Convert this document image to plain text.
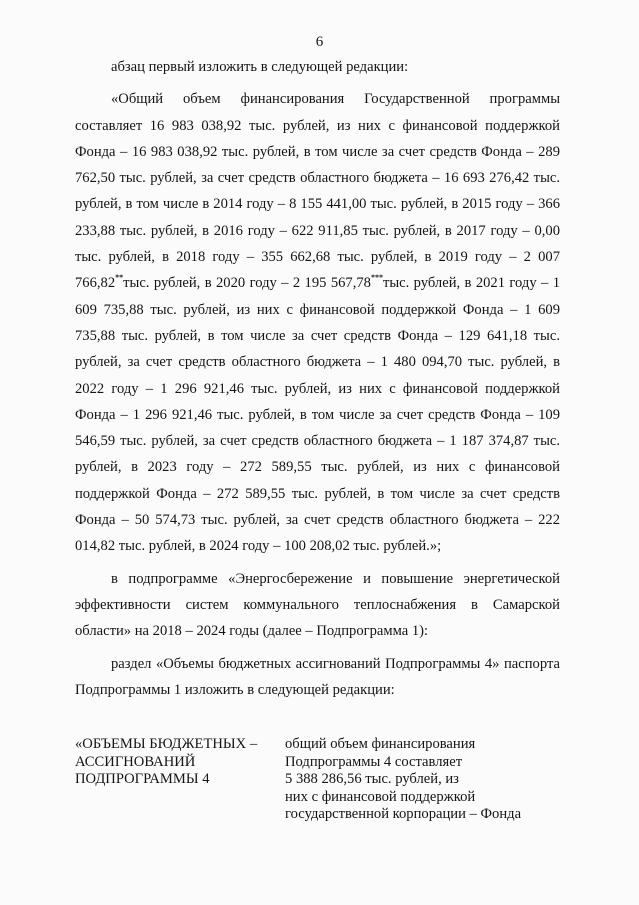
6

абзац первый изложить в следующей редакции:

«Общий объем финансирования Государственной программы составляет 16 983 038,92 тыс. рублей, из них с финансовой поддержкой Фонда – 16 983 038,92 тыс. рублей, в том числе за счет средств Фонда – 289 762,50 тыс. рублей, за счет средств областного бюджета – 16 693 276,42 тыс. рублей, в том числе в 2014 году – 8 155 441,00 тыс. рублей, в 2015 году – 366 233,88 тыс. рублей, в 2016 году – 622 911,85 тыс. рублей, в 2017 году – 0,00 тыс. рублей, в 2018 году – 355 662,68 тыс. рублей, в 2019 году – 2 007 766,82**тыс. рублей, в 2020 году – 2 195 567,78***тыс. рублей, в 2021 году – 1 609 735,88 тыс. рублей, из них с финансовой поддержкой Фонда – 1 609 735,88 тыс. рублей, в том числе за счет средств Фонда – 129 641,18 тыс. рублей, за счет средств областного бюджета – 1 480 094,70 тыс. рублей, в 2022 году – 1 296 921,46 тыс. рублей, из них с финансовой поддержкой Фонда – 1 296 921,46 тыс. рублей, в том числе за счет средств Фонда – 109 546,59 тыс. рублей, за счет средств областного бюджета – 1 187 374,87 тыс. рублей, в 2023 году – 272 589,55 тыс. рублей, из них с финансовой поддержкой Фонда – 272 589,55 тыс. рублей, в том числе за счет средств Фонда – 50 574,73 тыс. рублей, за счет средств областного бюджета – 222 014,82 тыс. рублей, в 2024 году – 100 208,02 тыс. рублей.»;

в подпрограмме «Энергосбережение и повышение энергетической эффективности систем коммунального теплоснабжения в Самарской области» на 2018 – 2024 годы (далее – Подпрограмма 1):

раздел «Объемы бюджетных ассигнований Подпрограммы 4» паспорта Подпрограммы 1 изложить в следующей редакции:

«ОБЪЕМЫ БЮДЖЕТНЫХ –
АССИГНОВАНИЙ
ПОДПРОГРАММЫ 4
общий объем финансирования
Подпрограммы 4 составляет
5 388 286,56 тыс. рублей, из
них с финансовой поддержкой
государственной корпорации – Фонда
